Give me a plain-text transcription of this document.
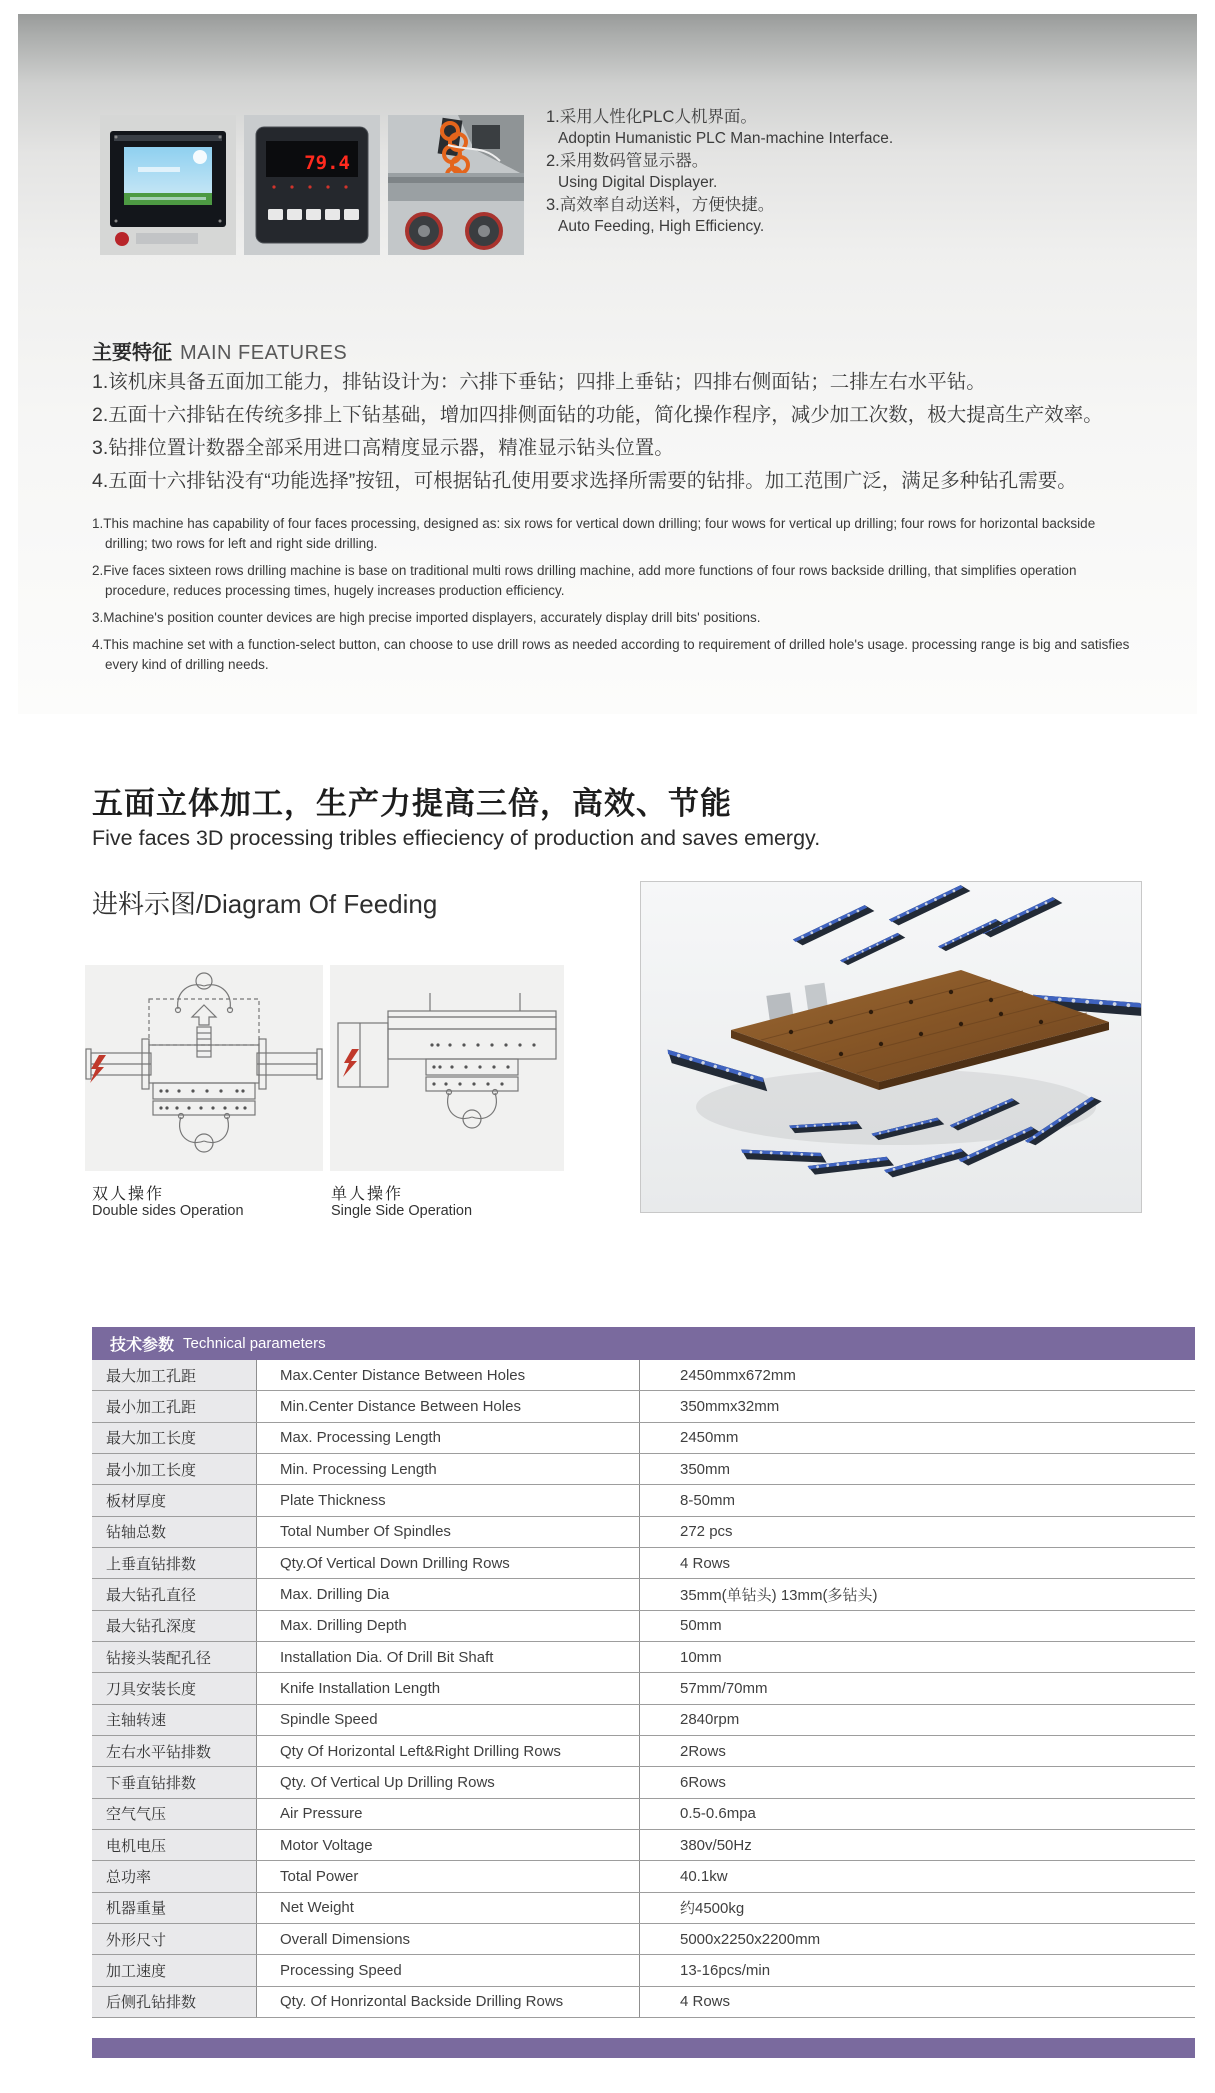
79.4
1.采用人性化PLC人机界面。
Adoptin Humanistic PLC Man-machine Interface.
2.采用数码管显示器。
Using Digital Displayer.
3.高效率自动送料，方便快捷。
Auto Feeding, High Efficiency.
主要特征 MAIN FEATURES
1.该机床具备五面加工能力，排钻设计为：六排下垂钻；四排上垂钻；四排右侧面钻；二排左右水平钻。
2.五面十六排钻在传统多排上下钻基础，增加四排侧面钻的功能，简化操作程序，减少加工次数，极大提高生产效率。
3.钻排位置计数器全部采用进口高精度显示器，精准显示钻头位置。
4.五面十六排钻没有“功能选择”按钮，可根据钻孔使用要求选择所需要的钻排。加工范围广泛，满足多种钻孔需要。
1.This machine has capability of four faces processing, designed as: six rows for vertical down drilling; four wows for vertical up drilling; four rows for horizontal backside drilling; two rows for left and right side drilling.
2.Five faces sixteen rows drilling machine is base on traditional multi rows drilling machine, add more functions of four rows backside drilling, that simplifies operation procedure, reduces processing times, hugely increases production efficiency.
3.Machine's position counter devices are high precise imported displayers, accurately display drill bits' positions.
4.This machine set with a function-select button, can choose to use drill rows as needed according to requirement of drilled hole's usage. processing range is big and satisfies every kind of drilling needs.
五面立体加工，生产力提高三倍，高效、节能
Five faces 3D processing tribles effieciency of production and saves emergy.
进料示图/Diagram Of Feeding
双人操作
Double sides Operation
单人操作
Single Side Operation
技术参数 Technical parameters
最大加工孔距	Max.Center Distance Between Holes	2450mmx672mm
最小加工孔距	Min.Center Distance Between Holes	350mmx32mm
最大加工长度	Max. Processing Length	2450mm
最小加工长度	Min. Processing Length	350mm
板材厚度	Plate Thickness	8-50mm
钻轴总数	Total Number Of Spindles	272 pcs
上垂直钻排数	Qty.Of Vertical Down Drilling Rows	4 Rows
最大钻孔直径	Max. Drilling Dia	35mm(单钻头) 13mm(多钻头)
最大钻孔深度	Max. Drilling Depth	50mm
钻接头装配孔径	Installation Dia. Of Drill Bit Shaft	10mm
刀具安装长度	Knife Installation Length	57mm/70mm
主轴转速	Spindle Speed	2840rpm
左右水平钻排数	Qty Of Horizontal Left&Right Drilling Rows	2Rows
下垂直钻排数	Qty. Of Vertical Up Drilling Rows	6Rows
空气气压	Air Pressure	0.5-0.6mpa
电机电压	Motor Voltage	380v/50Hz
总功率	Total Power	40.1kw
机器重量	Net Weight	约4500kg
外形尺寸	Overall Dimensions	5000x2250x2200mm
加工速度	Processing Speed	13-16pcs/min
后侧孔钻排数	Qty. Of Honrizontal Backside Drilling Rows	4 Rows
